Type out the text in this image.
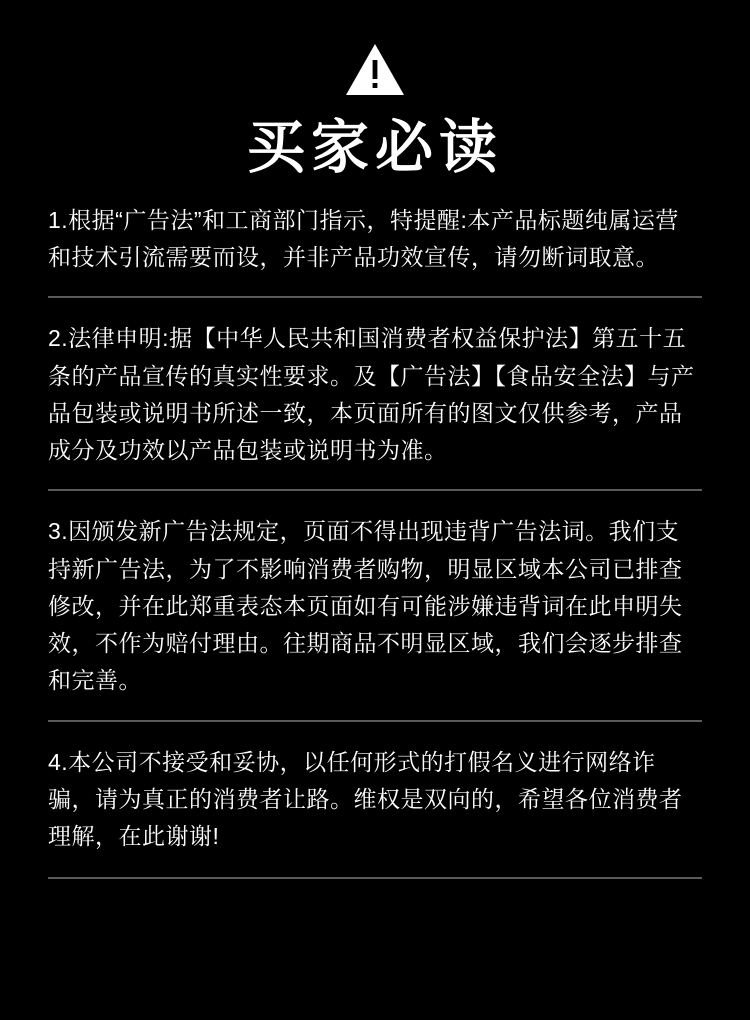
买家必读

1.根据“广告法”和工商部门指示，特提醒:本产品标题纯属运营和技术引流需要而设，并非产品功效宣传，请勿断词取意。

2.法律申明:据【中华人民共和国消费者权益保护法】第五十五条的产品宣传的真实性要求。及【广告法】【食品安全法】与产品包装或说明书所述一致，本页面所有的图文仅供参考，产品成分及功效以产品包装或说明书为准。

3.因颁发新广告法规定，页面不得出现违背广告法词。我们支持新广告法，为了不影响消费者购物，明显区域本公司已排查修改，并在此郑重表态本页面如有可能涉嫌违背词在此申明失效，不作为赔付理由。往期商品不明显区域，我们会逐步排查和完善。

4.本公司不接受和妥协，以任何形式的打假名义进行网络诈骗，请为真正的消费者让路。维权是双向的，希望各位消费者理解，在此谢谢!
